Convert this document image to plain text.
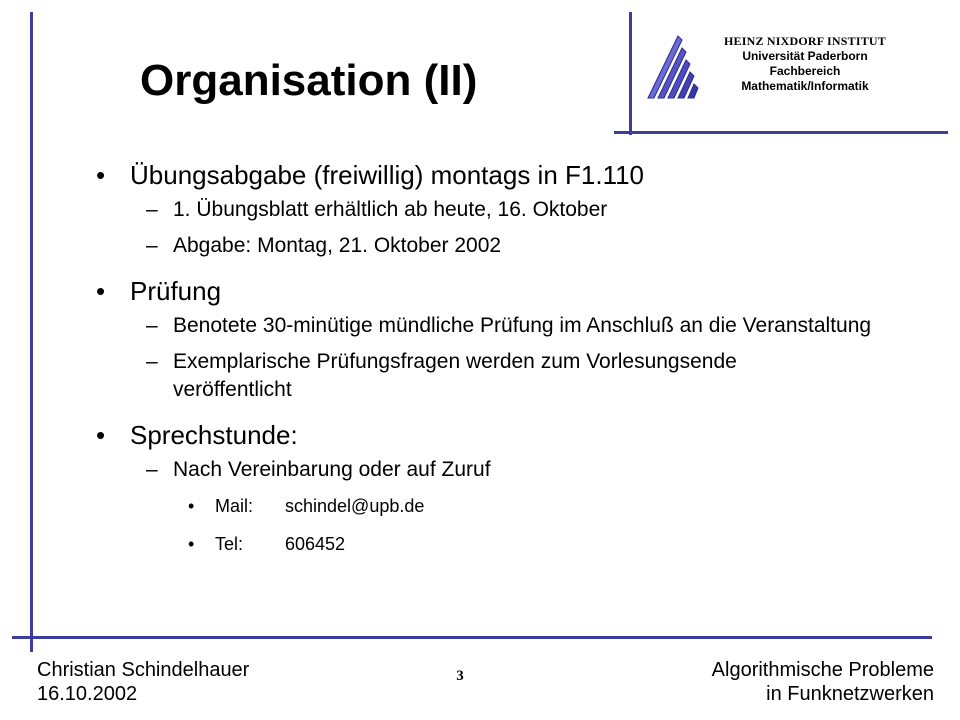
Organisation (II)
HEINZ NIXDORF INSTITUT
Universität Paderborn
Fachbereich
Mathematik/Informatik
• Übungsabgabe (freiwillig) montags in F1.110
– 1. Übungsblatt erhältlich ab heute, 16. Oktober
– Abgabe: Montag, 21. Oktober 2002
• Prüfung
– Benotete 30-minütige mündliche Prüfung im Anschluß an die Veranstaltung
– Exemplarische Prüfungsfragen werden zum Vorlesungsende veröffentlicht
• Sprechstunde:
– Nach Vereinbarung oder auf Zuruf
• Mail: schindel@upb.de
• Tel: 606452
Christian Schindelhauer
16.10.2002
3	Algorithmische Probleme
in Funknetzwerken
